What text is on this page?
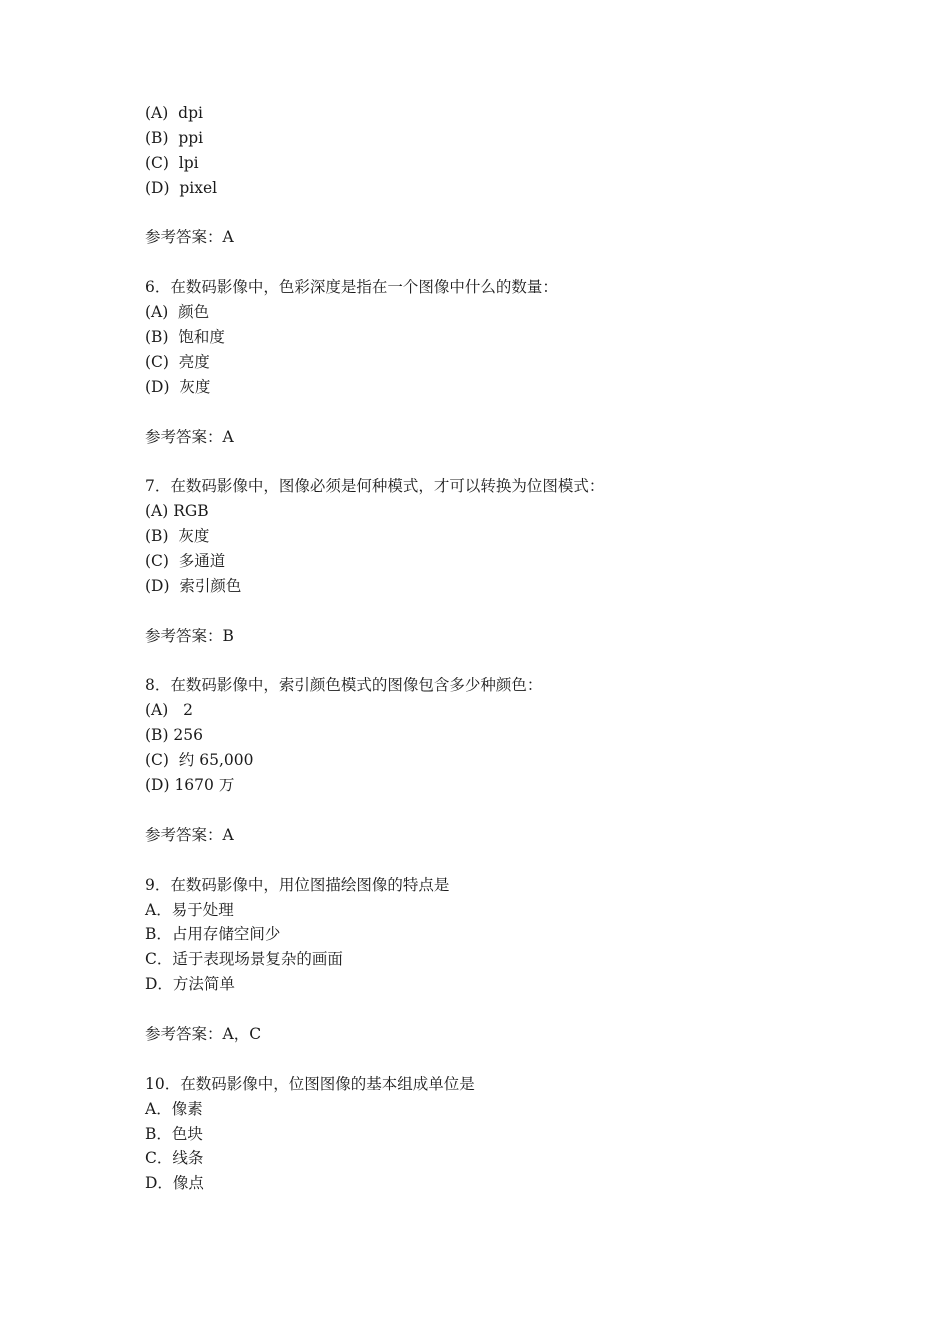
(A)  dpi
(B)  ppi
(C)  lpi
(D)  pixel
参考答案：A
6．在数码影像中，色彩深度是指在一个图像中什么的数量：
(A)  颜色
(B)  饱和度
(C)  亮度
(D)  灰度
参考答案：A
7．在数码影像中，图像必须是何种模式，才可以转换为位图模式：
(A) RGB
(B)  灰度
(C)  多通道
(D)  索引颜色
参考答案：B
8．在数码影像中，索引颜色模式的图像包含多少种颜色：
(A)   2
(B) 256
(C)  约 65,000
(D) 1670 万
参考答案：A
9．在数码影像中，用位图描绘图像的特点是
A．易于处理
B．占用存储空间少
C．适于表现场景复杂的画面
D．方法简单
参考答案：A，C
10．在数码影像中，位图图像的基本组成单位是
A．像素
B．色块
C．线条
D．像点
